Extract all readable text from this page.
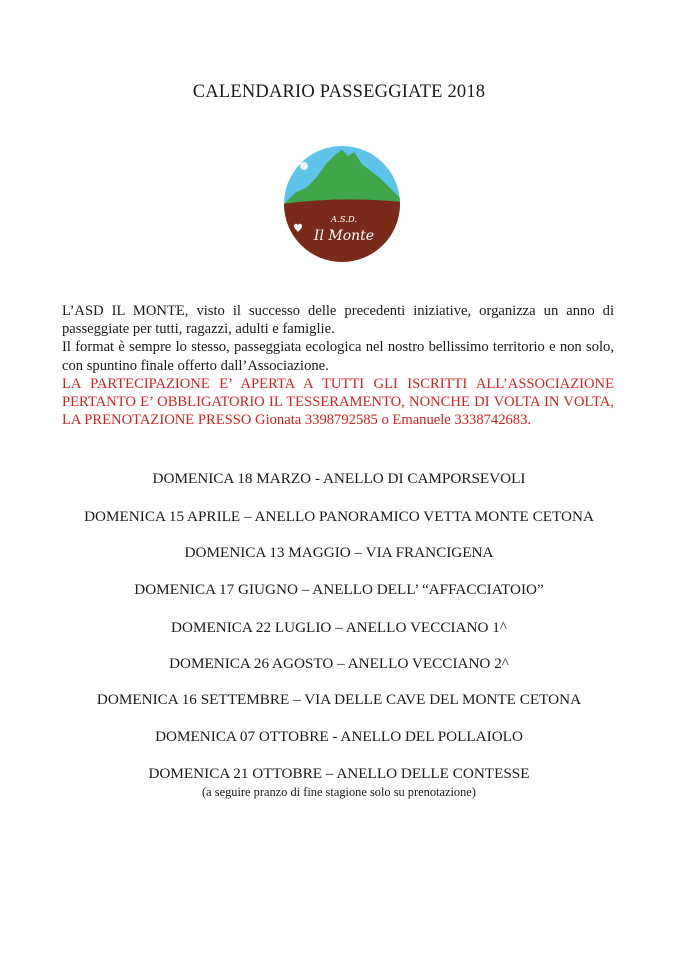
CALENDARIO PASSEGGIATE 2018
A.S.D.
Il Monte

L’ASD IL MONTE, visto il successo delle precedenti iniziative, organizza un anno di passeggiate per tutti, ragazzi, adulti e famiglie.

Il format è sempre lo stesso, passeggiata ecologica nel nostro bellissimo territorio e non solo, con spuntino finale offerto dall’Associazione.

LA PARTECIPAZIONE E’ APERTA A TUTTI GLI ISCRITTI ALL’ASSOCIAZIONE PERTANTO E’ OBBLIGATORIO IL TESSERAMENTO, NONCHE DI VOLTA IN VOLTA, LA PRENOTAZIONE PRESSO Gionata 3398792585 o Emanuele 3338742683.

DOMENICA 18 MARZO - ANELLO DI CAMPORSEVOLI
DOMENICA 15 APRILE – ANELLO PANORAMICO VETTA MONTE CETONA
DOMENICA 13 MAGGIO – VIA FRANCIGENA
DOMENICA 17 GIUGNO – ANELLO DELL’ “AFFACCIATOIO”
DOMENICA 22 LUGLIO – ANELLO VECCIANO 1^
DOMENICA 26 AGOSTO – ANELLO VECCIANO 2^
DOMENICA 16 SETTEMBRE – VIA DELLE CAVE DEL MONTE CETONA
DOMENICA 07 OTTOBRE - ANELLO DEL POLLAIOLO
DOMENICA 21 OTTOBRE – ANELLO DELLE CONTESSE
(a seguire pranzo di fine stagione solo su prenotazione)
